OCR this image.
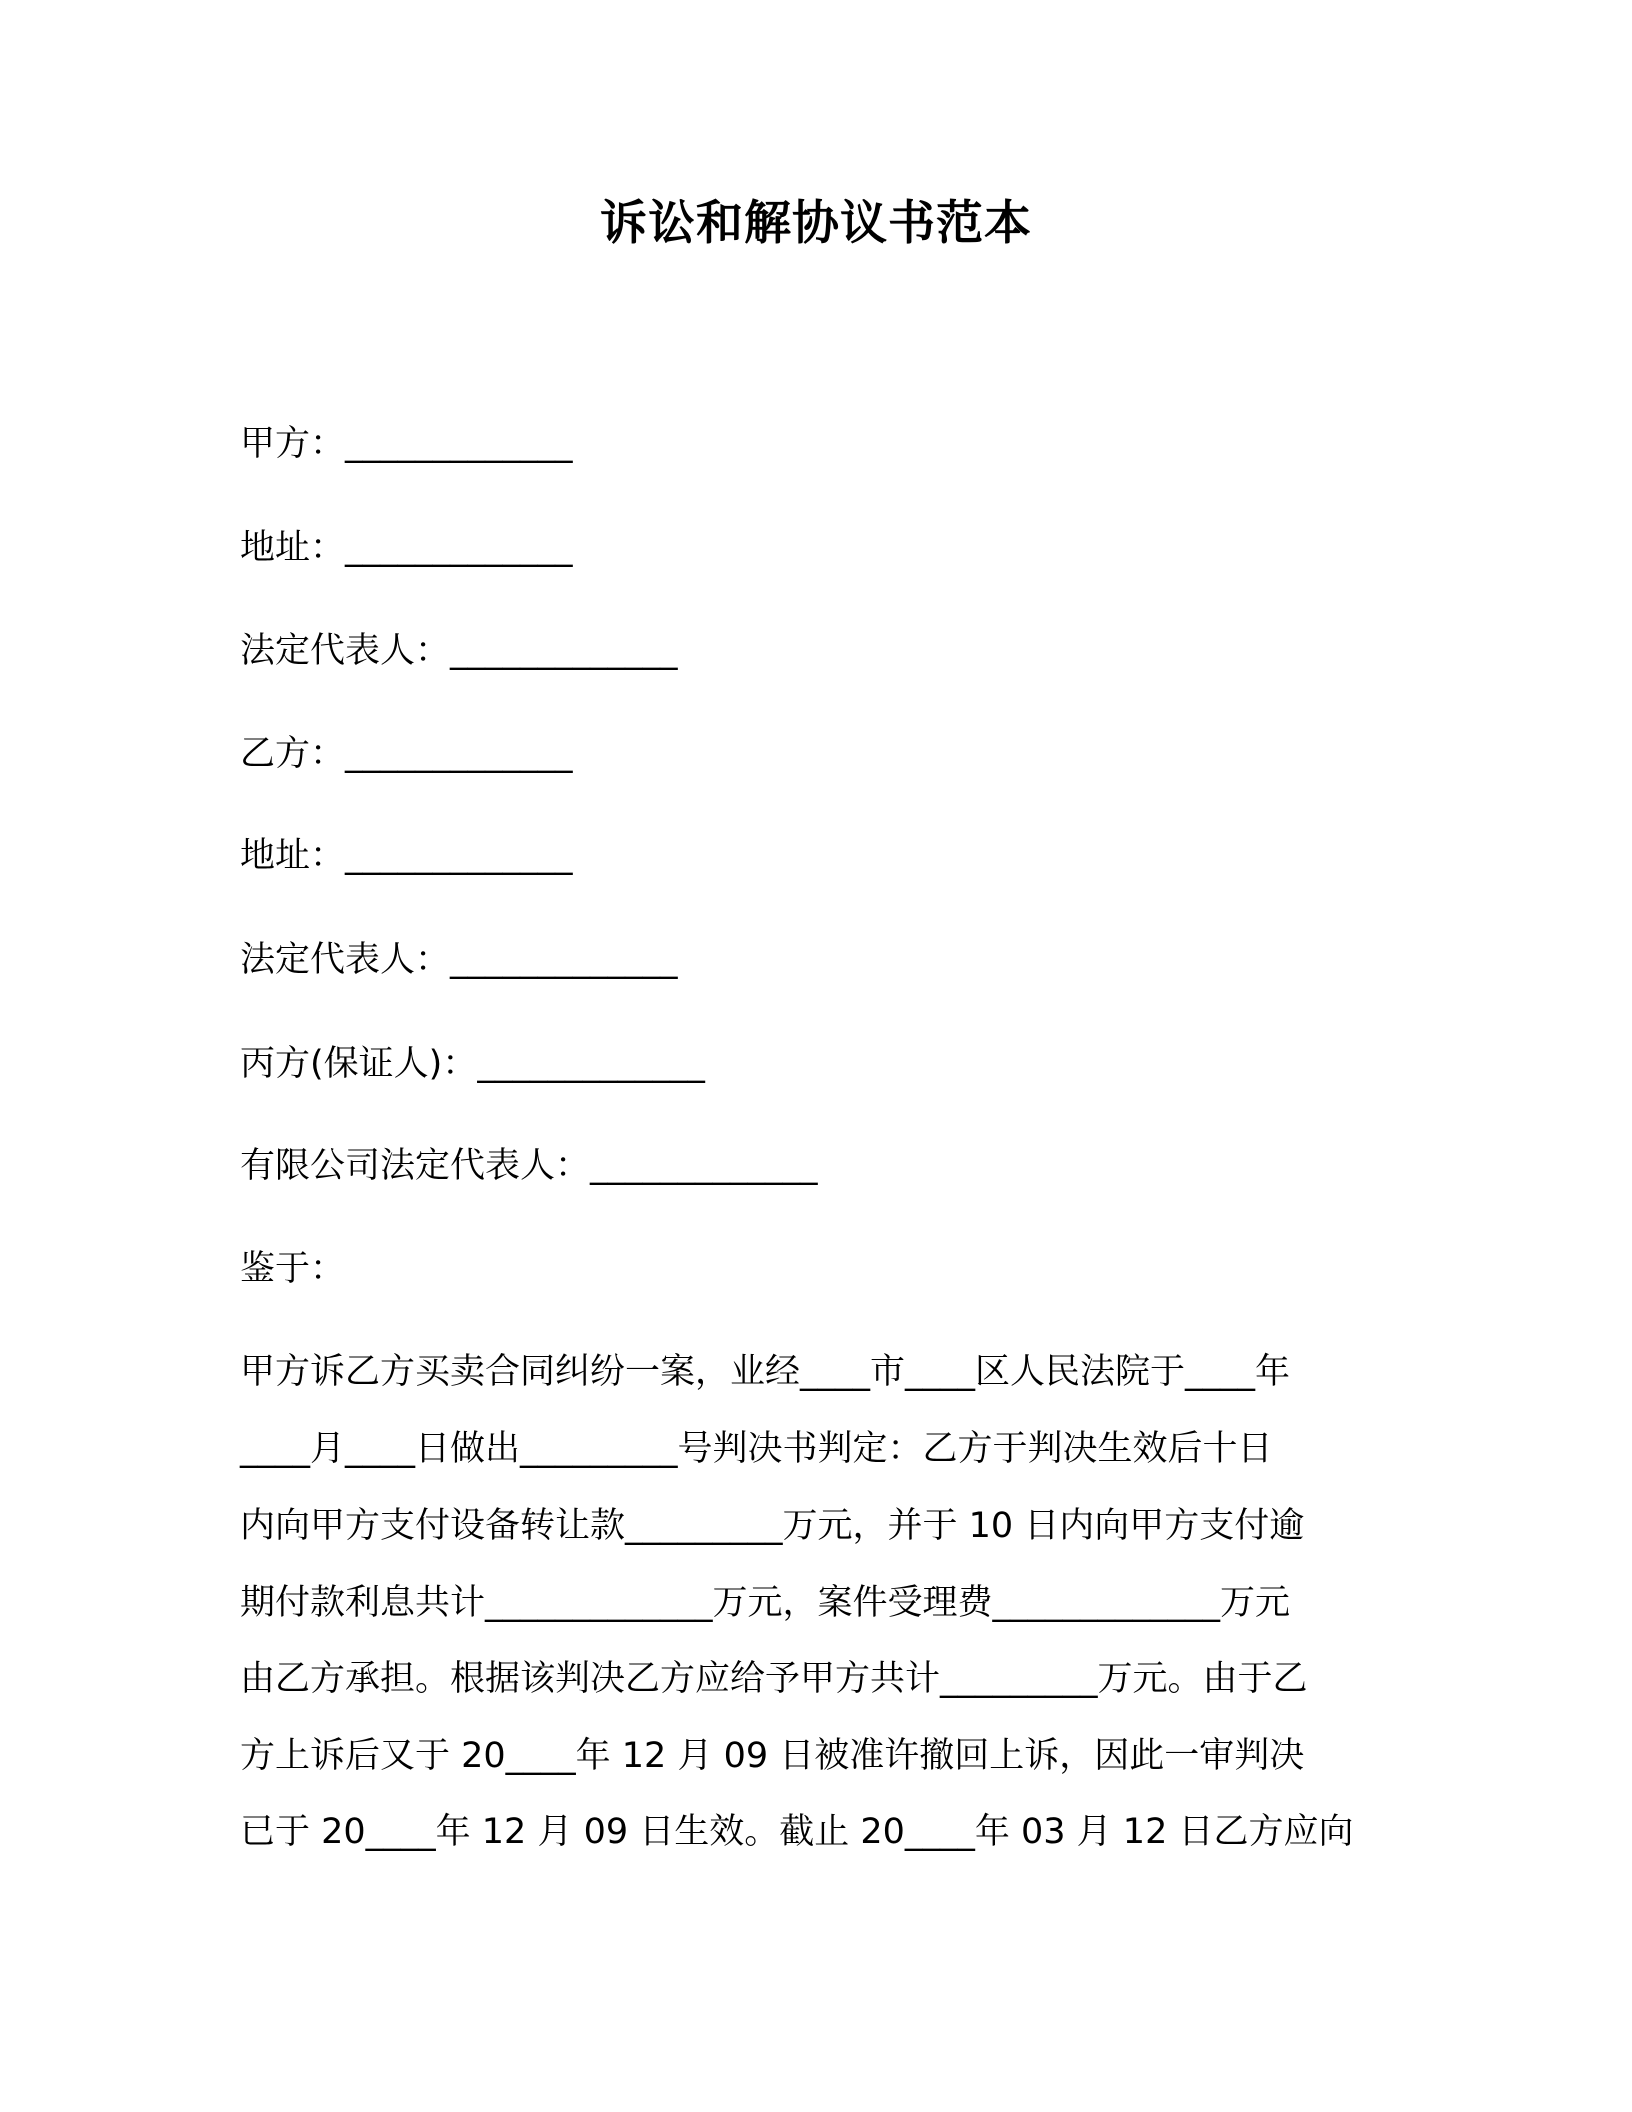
诉讼和解协议书范本
甲方：_____________
地址：_____________
法定代表人：_____________
乙方：_____________
地址：_____________
法定代表人：_____________
丙方(保证人)：_____________
有限公司法定代表人：_____________
鉴于：
甲方诉乙方买卖合同纠纷一案，业经____市____区人民法院于____年
____月____日做出_________号判决书判定：乙方于判决生效后十日
内向甲方支付设备转让款_________万元，并于 10 日内向甲方支付逾
期付款利息共计_____________万元，案件受理费_____________万元
由乙方承担。根据该判决乙方应给予甲方共计_________万元。由于乙
方上诉后又于 20____年 12 月 09 日被准许撤回上诉，因此一审判决
已于 20____年 12 月 09 日生效。截止 20____年 03 月 12 日乙方应向
